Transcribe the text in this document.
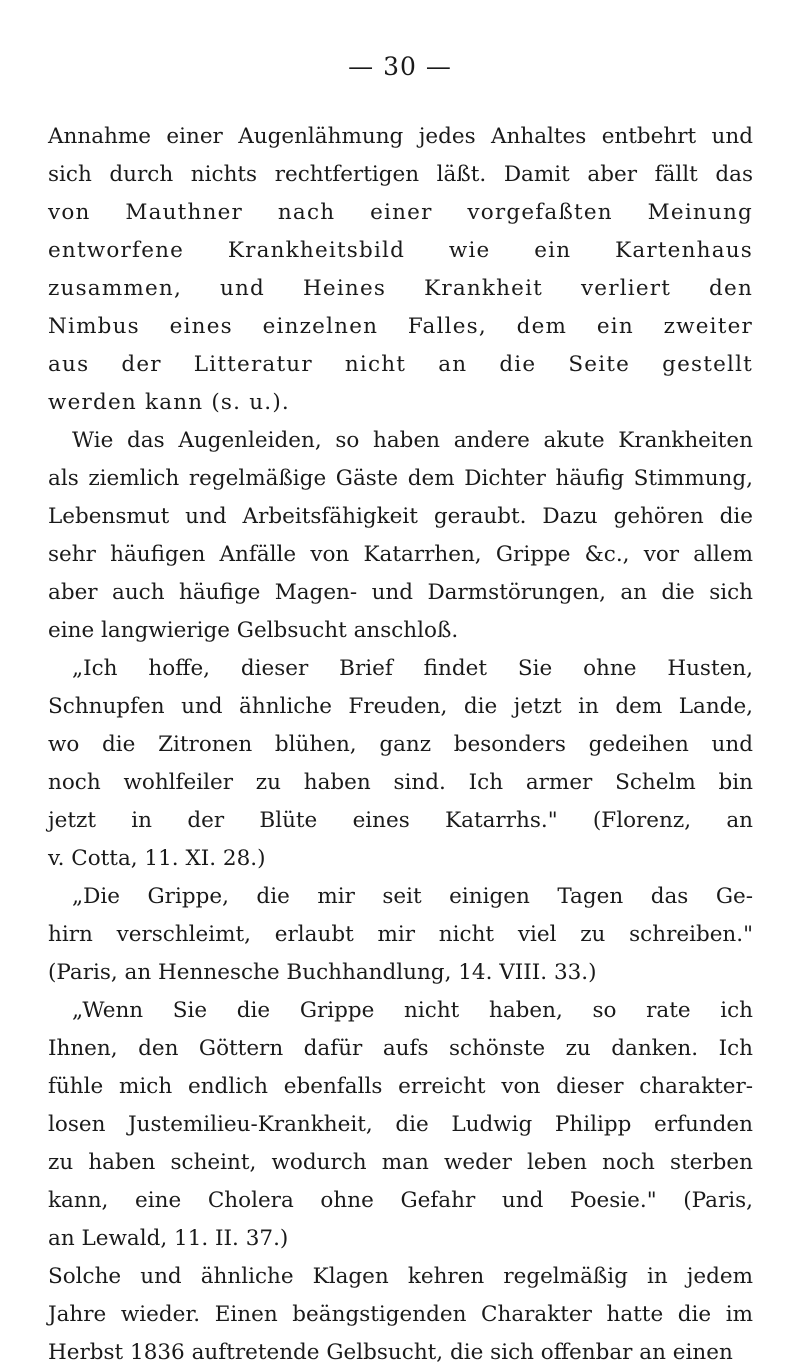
— 30 —
Annahme einer Augenlähmung jedes Anhaltes entbehrt und
sich durch nichts rechtfertigen läßt. Damit aber fällt das
von Mauthner nach einer vorgefaßten Meinung
entworfene Krankheitsbild wie ein Kartenhaus
zusammen, und Heines Krankheit verliert den
Nimbus eines einzelnen Falles, dem ein zweiter
aus der Litteratur nicht an die Seite gestellt
werden kann (s. u.).
Wie das Augenleiden, so haben andere akute Krankheiten
als ziemlich regelmäßige Gäste dem Dichter häufig Stimmung,
Lebensmut und Arbeitsfähigkeit geraubt. Dazu gehören die
sehr häufigen Anfälle von Katarrhen, Grippe &c., vor allem
aber auch häufige Magen- und Darmstörungen, an die sich
eine langwierige Gelbsucht anschloß.
„Ich hoffe, dieser Brief findet Sie ohne Husten,
Schnupfen und ähnliche Freuden, die jetzt in dem Lande,
wo die Zitronen blühen, ganz besonders gedeihen und
noch wohlfeiler zu haben sind. Ich armer Schelm bin
jetzt in der Blüte eines Katarrhs." (Florenz, an
v. Cotta, 11. XI. 28.)
„Die Grippe, die mir seit einigen Tagen das Ge-
hirn verschleimt, erlaubt mir nicht viel zu schreiben."
(Paris, an Hennesche Buchhandlung, 14. VIII. 33.)
„Wenn Sie die Grippe nicht haben, so rate ich
Ihnen, den Göttern dafür aufs schönste zu danken. Ich
fühle mich endlich ebenfalls erreicht von dieser charakter-
losen Justemilieu-Krankheit, die Ludwig Philipp erfunden
zu haben scheint, wodurch man weder leben noch sterben
kann, eine Cholera ohne Gefahr und Poesie." (Paris,
an Lewald, 11. II. 37.)
Solche und ähnliche Klagen kehren regelmäßig in jedem
Jahre wieder. Einen beängstigenden Charakter hatte die im
Herbst 1836 auftretende Gelbsucht, die sich offenbar an einen
